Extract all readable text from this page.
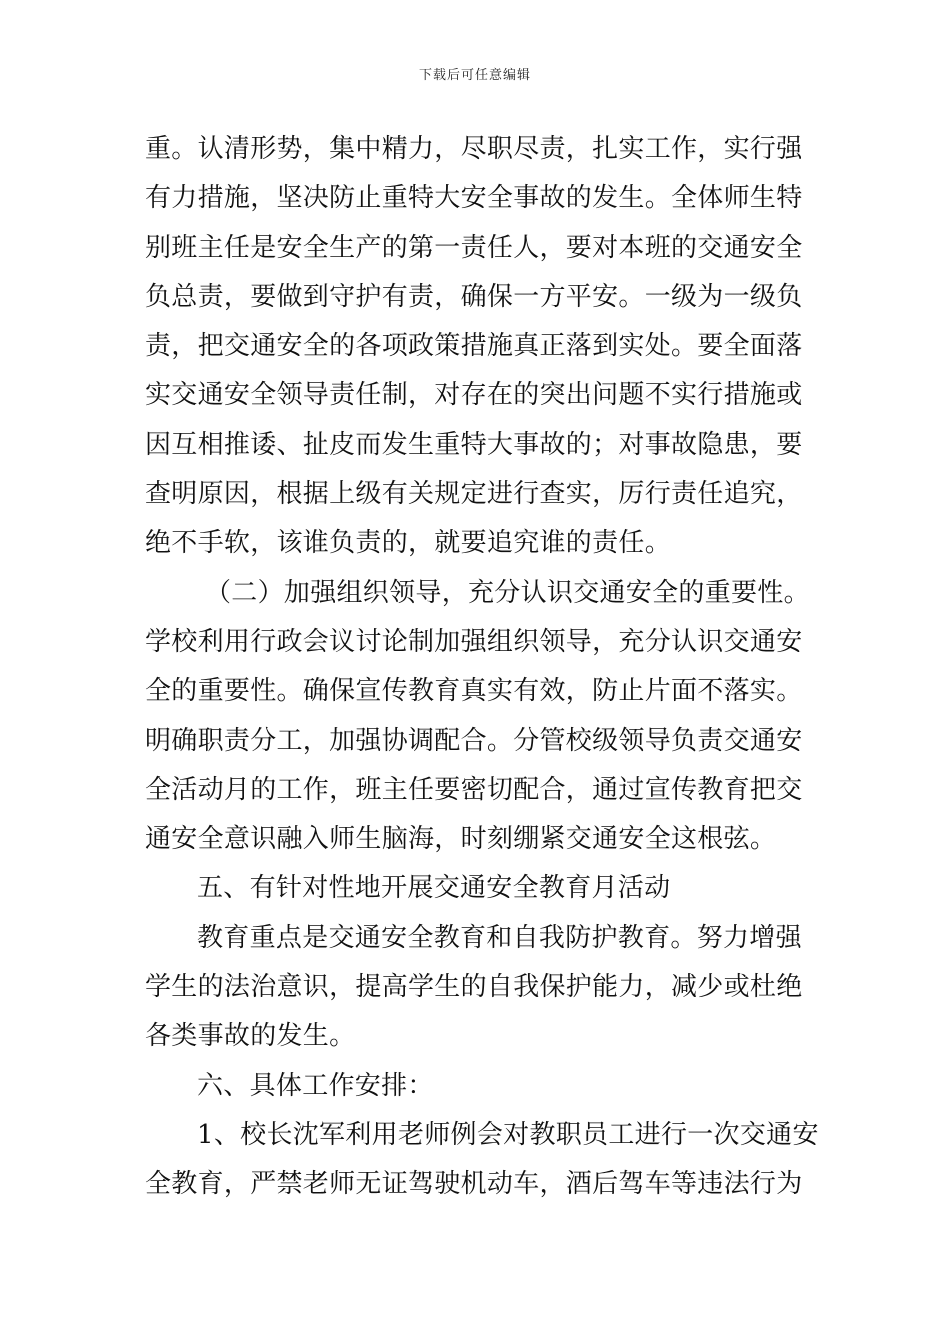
下载后可任意编辑
重。认清形势，集中精力，尽职尽责，扎实工作，实行强
有力措施，坚决防止重特大安全事故的发生。全体师生特
别班主任是安全生产的第一责任人，要对本班的交通安全
负总责，要做到守护有责，确保一方平安。一级为一级负
责，把交通安全的各项政策措施真正落到实处。要全面落
实交通安全领导责任制，对存在的突出问题不实行措施或
因互相推诿、扯皮而发生重特大事故的；对事故隐患，要
查明原因，根据上级有关规定进行查实，厉行责任追究，
绝不手软，该谁负责的，就要追究谁的责任。
（二）加强组织领导，充分认识交通安全的重要性。
学校利用行政会议讨论制加强组织领导，充分认识交通安
全的重要性。确保宣传教育真实有效，防止片面不落实。
明确职责分工，加强协调配合。分管校级领导负责交通安
全活动月的工作，班主任要密切配合，通过宣传教育把交
通安全意识融入师生脑海，时刻绷紧交通安全这根弦。
五、有针对性地开展交通安全教育月活动
教育重点是交通安全教育和自我防护教育。努力增强
学生的法治意识，提高学生的自我保护能力，减少或杜绝
各类事故的发生。
六、具体工作安排：
1、校长沈军利用老师例会对教职员工进行一次交通安
全教育，严禁老师无证驾驶机动车，酒后驾车等违法行为
